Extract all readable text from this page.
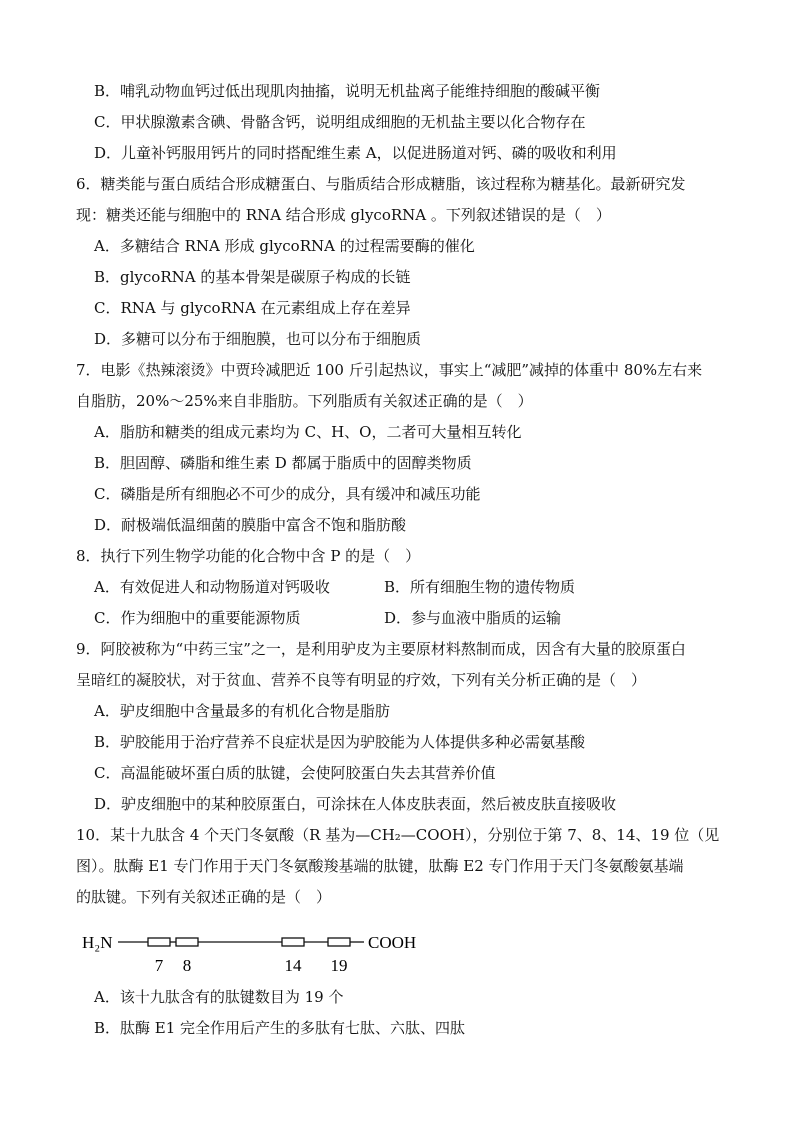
B．哺乳动物血钙过低出现肌肉抽搐，说明无机盐离子能维持细胞的酸碱平衡
C．甲状腺激素含碘、骨骼含钙，说明组成细胞的无机盐主要以化合物存在
D．儿童补钙服用钙片的同时搭配维生素 A，以促进肠道对钙、磷的吸收和利用
6．糖类能与蛋白质结合形成糖蛋白、与脂质结合形成糖脂，该过程称为糖基化。最新研究发
现：糖类还能与细胞中的 RNA 结合形成 glycoRNA 。下列叙述错误的是（　）
A．多糖结合 RNA 形成 glycoRNA 的过程需要酶的催化
B．glycoRNA 的基本骨架是碳原子构成的长链
C．RNA 与 glycoRNA 在元素组成上存在差异
D．多糖可以分布于细胞膜，也可以分布于细胞质
7．电影《热辣滚烫》中贾玲减肥近 100 斤引起热议，事实上“减肥”减掉的体重中 80%左右来
自脂肪，20%～25%来自非脂肪。下列脂质有关叙述正确的是（　）
A．脂肪和糖类的组成元素均为 C、H、O，二者可大量相互转化
B．胆固醇、磷脂和维生素 D 都属于脂质中的固醇类物质
C．磷脂是所有细胞必不可少的成分，具有缓冲和减压功能
D．耐极端低温细菌的膜脂中富含不饱和脂肪酸
8．执行下列生物学功能的化合物中含 P 的是（　）
A．有效促进人和动物肠道对钙吸收	B．所有细胞生物的遗传物质
C．作为细胞中的重要能源物质	D．参与血液中脂质的运输
9．阿胶被称为“中药三宝”之一，是利用驴皮为主要原材料熬制而成，因含有大量的胶原蛋白
呈暗红的凝胶状，对于贫血、营养不良等有明显的疗效，下列有关分析正确的是（　）
A．驴皮细胞中含量最多的有机化合物是脂肪
B．驴胶能用于治疗营养不良症状是因为驴胶能为人体提供多种必需氨基酸
C．高温能破坏蛋白质的肽键，会使阿胶蛋白失去其营养价值
D．驴皮细胞中的某种胶原蛋白，可涂抹在人体皮肤表面，然后被皮肤直接吸收
10．某十九肽含 4 个天门冬氨酸（R 基为—CH₂—COOH），分别位于第 7、8、14、19 位（见
图）。肽酶 E1 专门作用于天门冬氨酸羧基端的肽键，肽酶 E2 专门作用于天门冬氨酸氨基端
的肽键。下列有关叙述正确的是（　）
H₂N	COOH
7 8	14 19
A．该十九肽含有的肽键数目为 19 个
B．肽酶 E1 完全作用后产生的多肽有七肽、六肽、四肽
